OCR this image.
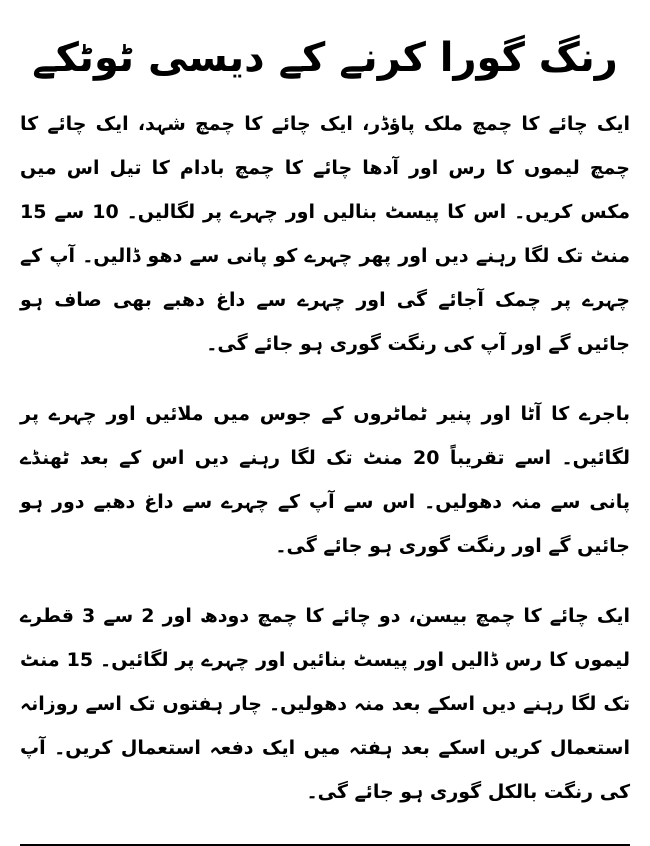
رنگ گورا کرنے کے دیسی ٹوٹکے

ایک چائے کا چمچ ملک پاؤڈر، ایک چائے کا چمچ شہد، ایک چائے کا چمچ لیموں کا رس اور آدھا چائے کا چمچ بادام کا تیل اس میں مکس کریں۔ اس کا پیسٹ بنالیں اور چہرے پر لگالیں۔ 10 سے 15 منٹ تک لگا رہنے دیں اور پھر چہرے کو پانی سے دھو ڈالیں۔ آپ کے چہرے پر چمک آجائے گی اور چہرے سے داغ دھبے بھی صاف ہو جائیں گے اور آپ کی رنگت گوری ہو جائے گی۔

باجرے کا آٹا اور پنیر ٹماٹروں کے جوس میں ملائیں اور چہرے پر لگائیں۔ اسے تقریباً 20 منٹ تک لگا رہنے دیں اس کے بعد ٹھنڈے پانی سے منہ دھولیں۔ اس سے آپ کے چہرے سے داغ دھبے دور ہو جائیں گے اور رنگت گوری ہو جائے گی۔

ایک چائے کا چمچ بیسن، دو چائے کا چمچ دودھ اور 2 سے 3 قطرے لیموں کا رس ڈالیں اور پیسٹ بنائیں اور چہرے پر لگائیں۔ 15 منٹ تک لگا رہنے دیں اسکے بعد منہ دھولیں۔ چار ہفتوں تک اسے روزانہ استعمال کریں اسکے بعد ہفتہ میں ایک دفعہ استعمال کریں۔ آپ کی رنگت بالکل گوری ہو جائے گی۔
